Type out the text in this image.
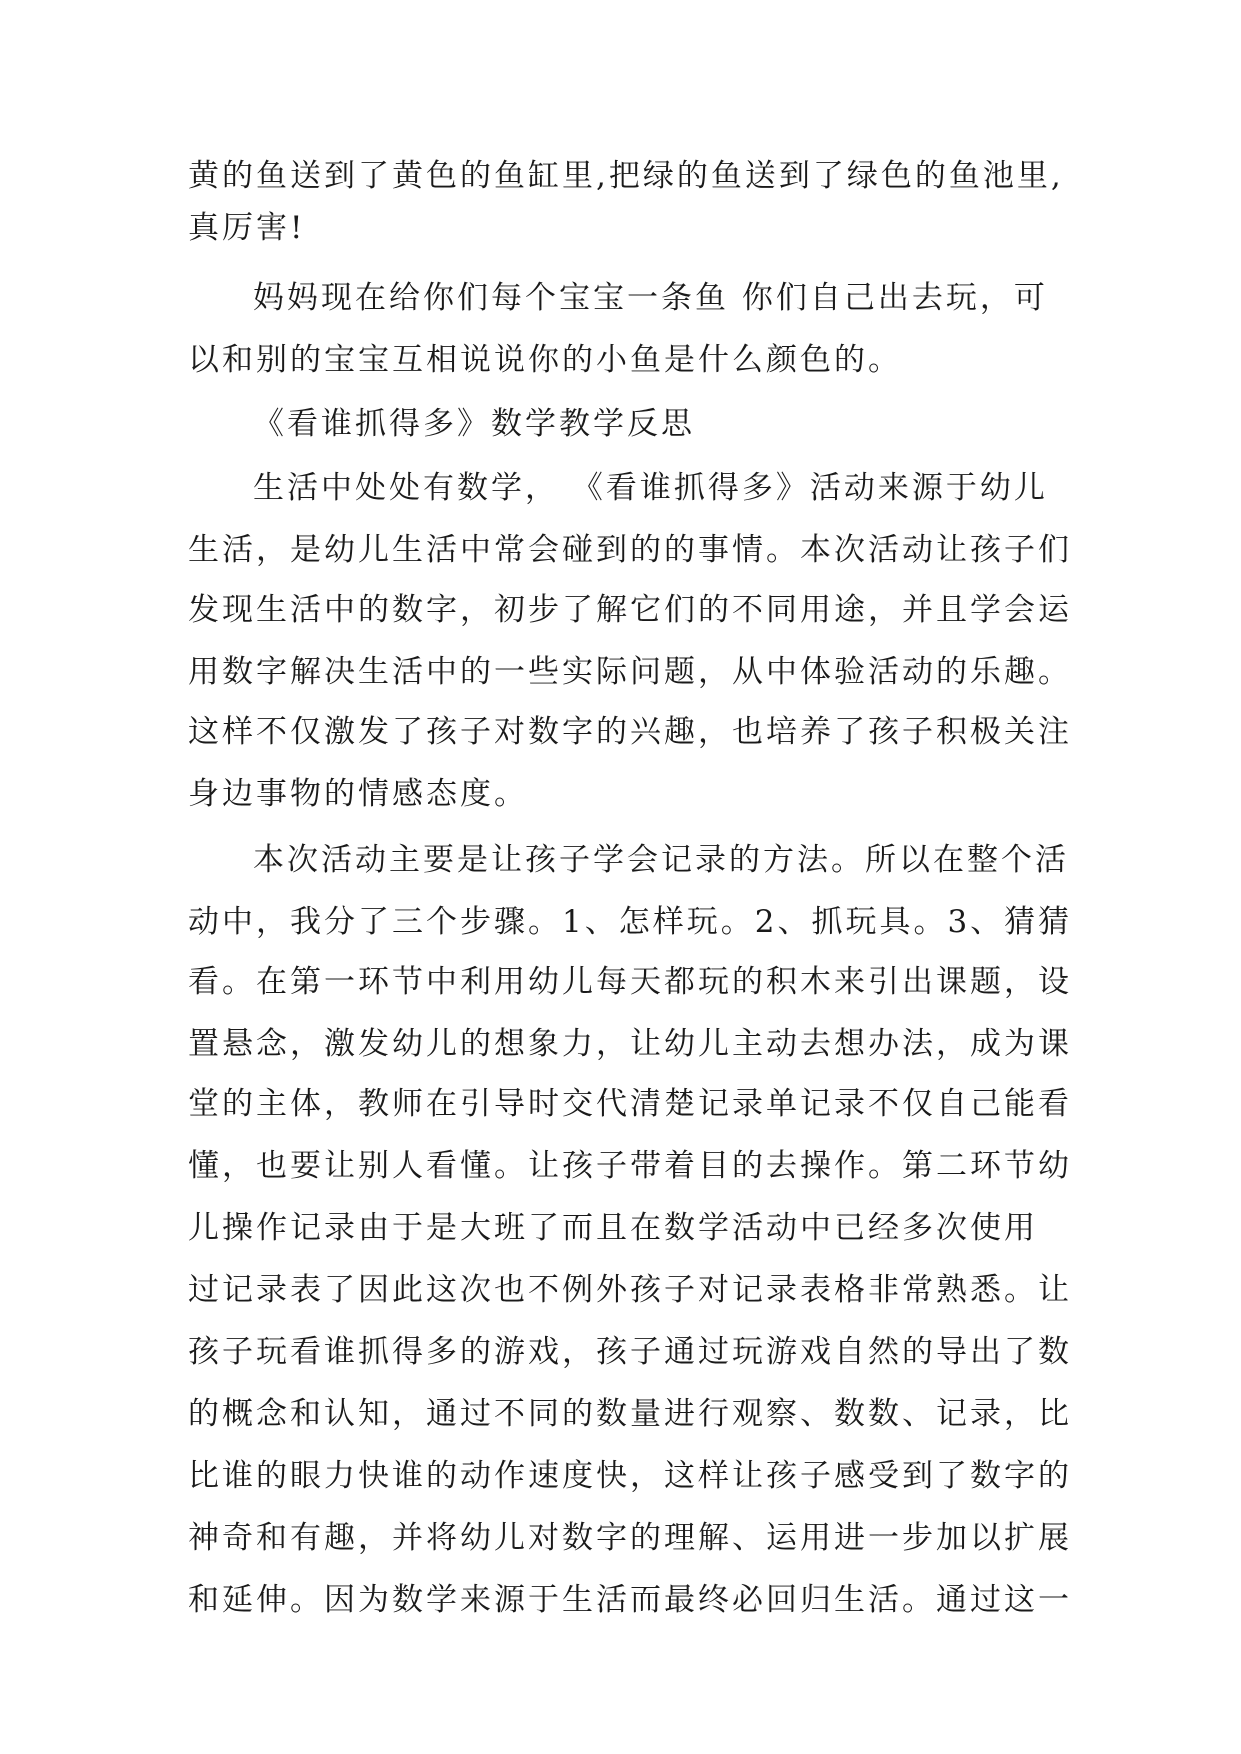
黄的鱼送到了黄色的鱼缸里,把绿的鱼送到了绿色的鱼池里,
真厉害!
妈妈现在给你们每个宝宝一条鱼 你们自己出去玩，可
以和别的宝宝互相说说你的小鱼是什么颜色的。
《看谁抓得多》数学教学反思
生活中处处有数学， 《看谁抓得多》活动来源于幼儿
生活，是幼儿生活中常会碰到的的事情。本次活动让孩子们
发现生活中的数字，初步了解它们的不同用途，并且学会运
用数字解决生活中的一些实际问题，从中体验活动的乐趣。
这样不仅激发了孩子对数字的兴趣，也培养了孩子积极关注
身边事物的情感态度。
本次活动主要是让孩子学会记录的方法。所以在整个活
动中，我分了三个步骤。1、怎样玩。2、抓玩具。3、猜猜
看。在第一环节中利用幼儿每天都玩的积木来引出课题，设
置悬念，激发幼儿的想象力，让幼儿主动去想办法，成为课
堂的主体，教师在引导时交代清楚记录单记录不仅自己能看
懂，也要让别人看懂。让孩子带着目的去操作。第二环节幼
儿操作记录由于是大班了而且在数学活动中已经多次使用
过记录表了因此这次也不例外孩子对记录表格非常熟悉。让
孩子玩看谁抓得多的游戏，孩子通过玩游戏自然的导出了数
的概念和认知，通过不同的数量进行观察、数数、记录，比
比谁的眼力快谁的动作速度快，这样让孩子感受到了数字的
神奇和有趣，并将幼儿对数字的理解、运用进一步加以扩展
和延伸。因为数学来源于生活而最终必回归生活。通过这一
